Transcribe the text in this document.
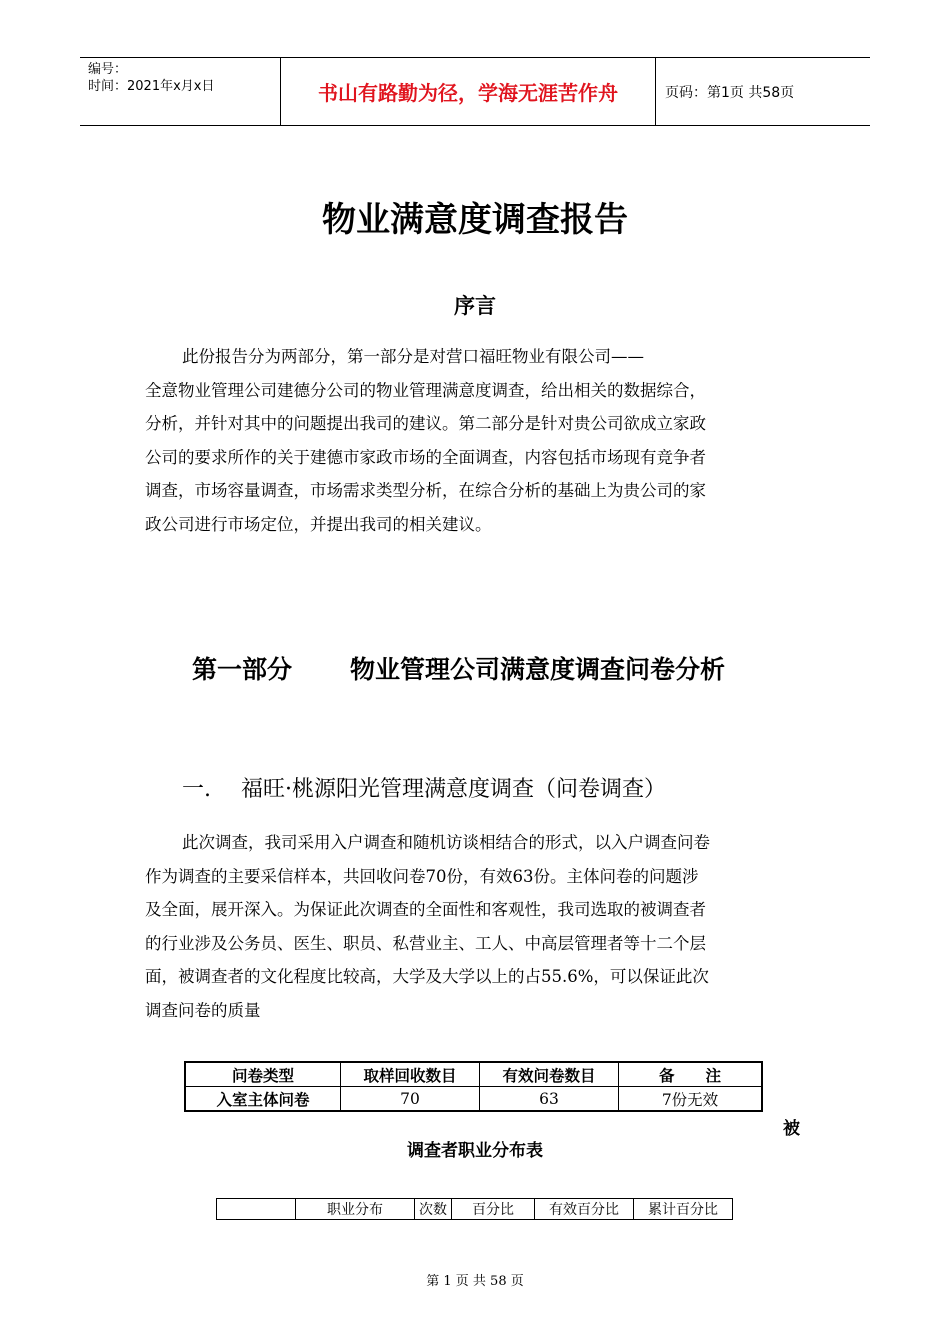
编号：
时间：2021年x月x日	书山有路勤为径，学海无涯苦作舟	页码：第1页 共58页
物业满意度调查报告
序言

此份报告分为两部分，第一部分是对营口福旺物业有限公司——

全意物业管理公司建德分公司的物业管理满意度调查，给出相关的数据综合，

分析，并针对其中的问题提出我司的建议。第二部分是针对贵公司欲成立家政

公司的要求所作的关于建德市家政市场的全面调查，内容包括市场现有竞争者

调查，市场容量调查，市场需求类型分析，在综合分析的基础上为贵公司的家

政公司进行市场定位，并提出我司的相关建议。

第一部分 物业管理公司满意度调查问卷分析
一. 福旺·桃源阳光管理满意度调查（问卷调查）

此次调查，我司采用入户调查和随机访谈相结合的形式，以入户调查问卷

作为调查的主要采信样本，共回收问卷70份，有效63份。主体问卷的问题涉

及全面，展开深入。为保证此次调查的全面性和客观性，我司选取的被调查者

的行业涉及公务员、医生、职员、私营业主、工人、中高层管理者等十二个层

面，被调查者的文化程度比较高，大学及大学以上的占55.6%，可以保证此次

调查问卷的质量

问卷类型	取样回收数目	有效问卷数目	备　　注
入室主体问卷	70	63	7份无效
被
调查者职业分布表
	职业分布	次数	百分比	有效百分比	累计百分比
第 1 页 共 58 页
